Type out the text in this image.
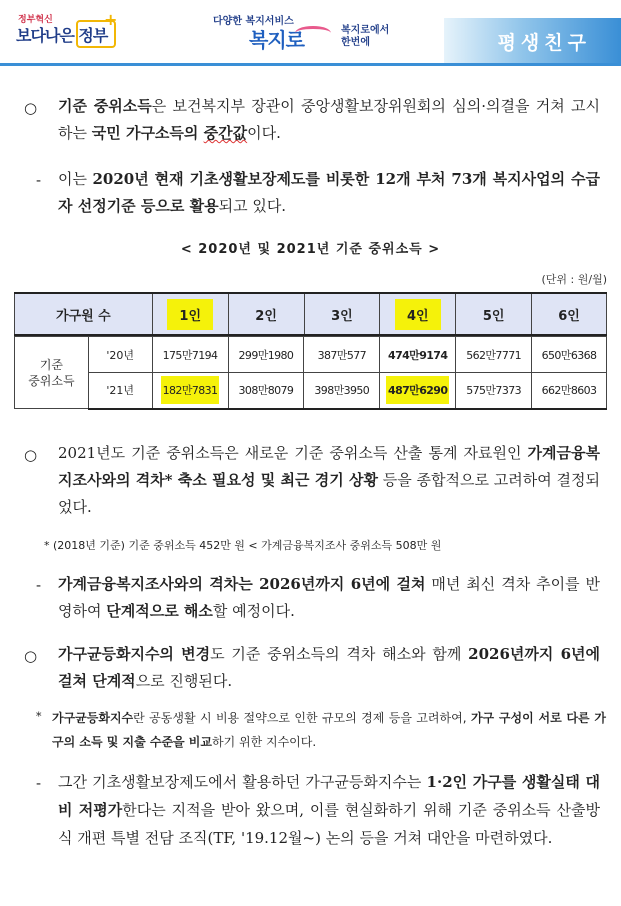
정부혁신
보다나은 정부
+	다양한 복지서비스
복지로	복지로에서
한번에	평생친구
○ 기준 중위소득은 보건복지부 장관이 중앙생활보장위원회의 심의·의결을 거쳐 고시하는 국민 가구소득의 중간값이다.
- 이는 2020년 현재 기초생활보장제도를 비롯한 12개 부처 73개 복지사업의 수급자 선정기준 등으로 활용되고 있다.
< 2020년 및 2021년 기준 중위소득 >
(단위 : 원/월)
가구원 수	1인	2인	3인	4인	5인	6인
기준
중위소득	'20년	175만7194	299만1980	387만577	474만9174	562만7771	650만6368
	'21년	182만7831	308만8079	398만3950	487만6290	575만7373	662만8603
○ 2021년도 기준 중위소득은 새로운 기준 중위소득 산출 통계 자료원인 가계금융복지조사와의 격차* 축소 필요성 및 최근 경기 상황 등을 종합적으로 고려하여 결정되었다.
* (2018년 기준) 기준 중위소득 452만 원 < 가계금융복지조사 중위소득 508만 원
- 가계금융복지조사와의 격차는 2026년까지 6년에 걸쳐 매년 최신 격차 추이를 반영하여 단계적으로 해소할 예정이다.
○ 가구균등화지수의 변경도 기준 중위소득의 격차 해소와 함께 2026년까지 6년에 걸쳐 단계적으로 진행된다.
* 가구균등화지수란 공동생활 시 비용 절약으로 인한 규모의 경제 등을 고려하여, 가구 구성이 서로 다른 가구의 소득 및 지출 수준을 비교하기 위한 지수이다.
- 그간 기초생활보장제도에서 활용하던 가구균등화지수는 1·2인 가구를 생활실태 대비 저평가한다는 지적을 받아 왔으며, 이를 현실화하기 위해 기준 중위소득 산출방식 개편 특별 전담 조직(TF, '19.12월~) 논의 등을 거쳐 대안을 마련하였다.
